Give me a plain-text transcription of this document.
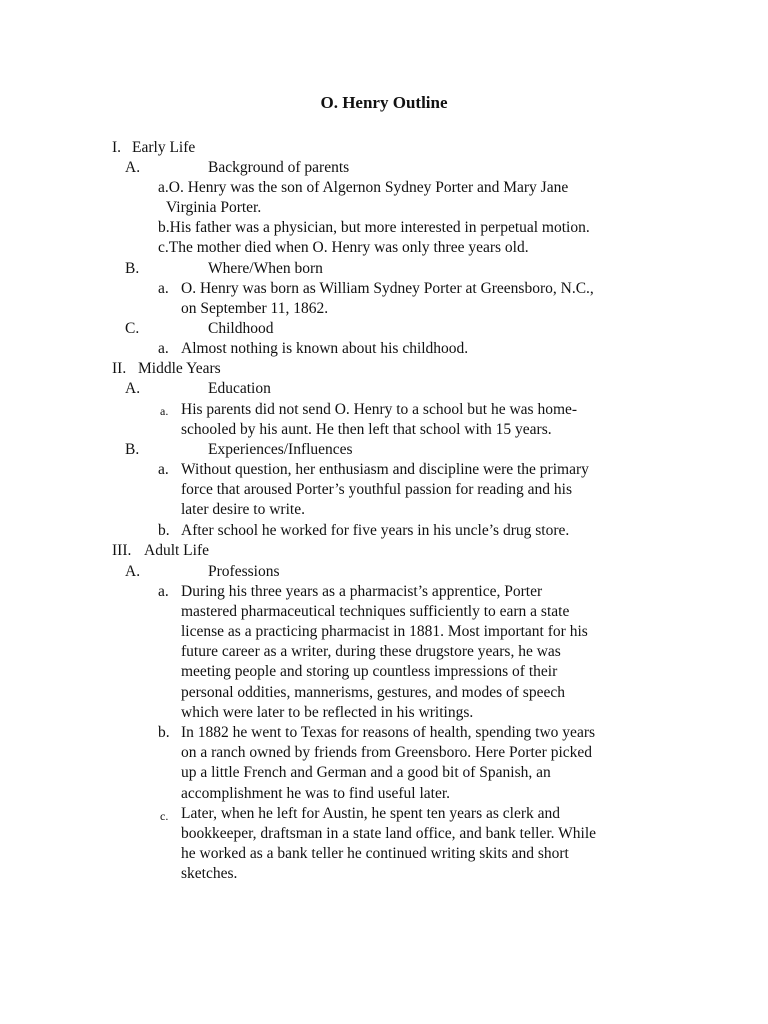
O. Henry Outline
I. Early Life
A.	Background of parents
a.O. Henry was the son of Algernon Sydney Porter and Mary Jane
Virginia Porter.
b.His father was a physician, but more interested in perpetual motion.
c.The mother died when O. Henry was only three years old.
B.	Where/When born
a. O. Henry was born as William Sydney Porter at Greensboro, N.C.,
on September 11, 1862.
C.	Childhood
a. Almost nothing is known about his childhood.
II. Middle Years
A.	Education
a. His parents did not send O. Henry to a school but he was home-
schooled by his aunt. He then left that school with 15 years.
B.	Experiences/Influences
a. Without question, her enthusiasm and discipline were the primary
force that aroused Porter’s youthful passion for reading and his
later desire to write.
b. After school he worked for five years in his uncle’s drug store.
III. Adult Life
A.	Professions
a. During his three years as a pharmacist’s apprentice, Porter
mastered pharmaceutical techniques sufficiently to earn a state
license as a practicing pharmacist in 1881. Most important for his
future career as a writer, during these drugstore years, he was
meeting people and storing up countless impressions of their
personal oddities, mannerisms, gestures, and modes of speech
which were later to be reflected in his writings.
b. In 1882 he went to Texas for reasons of health, spending two years
on a ranch owned by friends from Greensboro. Here Porter picked
up a little French and German and a good bit of Spanish, an
accomplishment he was to find useful later.
c. Later, when he left for Austin, he spent ten years as clerk and
bookkeeper, draftsman in a state land office, and bank teller. While
he worked as a bank teller he continued writing skits and short
sketches.
